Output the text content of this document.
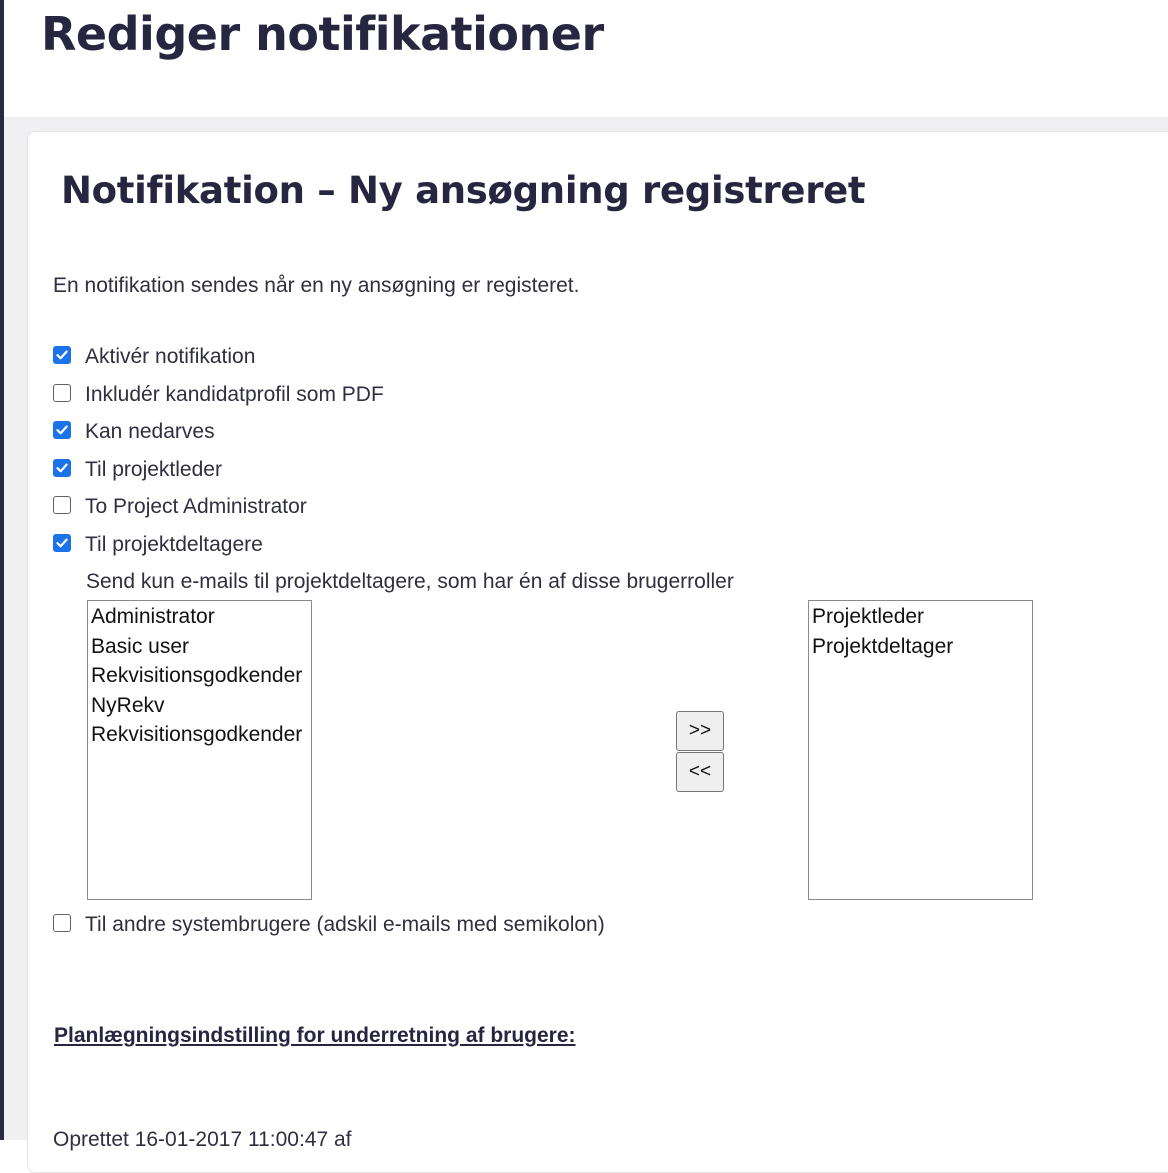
Rediger notifikationer
Notifikation – Ny ansøgning registreret
En notifikation sendes når en ny ansøgning er registeret.
Aktivér notifikation
Inkludér kandidatprofil som PDF
Kan nedarves
Til projektleder
To Project Administrator
Til projektdeltagere
Send kun e-mails til projektdeltagere, som har én af disse brugerroller
Administrator
Basic user
Rekvisitionsgodkender
NyRekv
Rekvisitionsgodkender	>>
<<
Projektleder
Projektdeltager
Til andre systembrugere (adskil e-mails med semikolon)
Planlægningsindstilling for underretning af brugere:
Oprettet 16-01-2017 11:00:47 af
